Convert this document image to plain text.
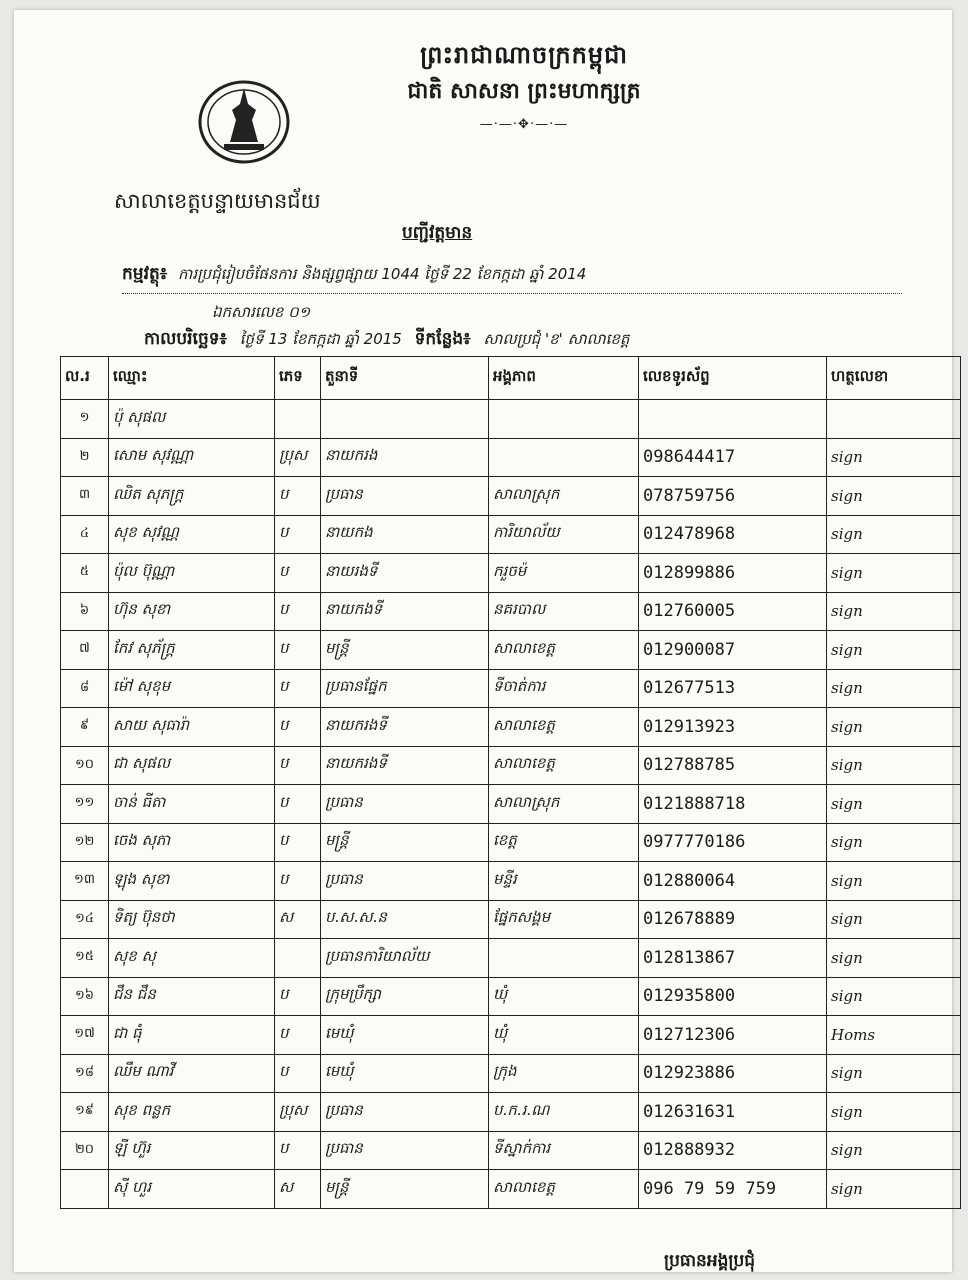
ព្រះរាជាណាចក្រកម្ពុជា
ជាតិ សាសនា ព្រះមហាក្សត្រ
—·—·✥·—·—
សាលាខេត្តបន្ទាយមានជ័យ
បញ្ជីវត្តមាន
កម្មវត្ថុ៖ ការប្រជុំរៀបចំផែនការ និងផ្សព្វផ្សាយ 1044 ថ្ងៃទី 22 ខែកក្កដា ឆ្នាំ 2014
ឯកសារលេខ ០១
កាលបរិច្ឆេទ៖ ថ្ងៃទី 13 ខែកក្កដា ឆ្នាំ 2015 ទីកន្លែង៖ សាលប្រជុំ 'ខ' សាលាខេត្ត
ល.រ	ឈ្មោះ	ភេទ	តួនាទី	អង្គភាព	លេខទូរស័ព្ទ	ហត្ថលេខា
១	ប៉ុ សុផល					
២	សោម សុវណ្ណា	ប្រុស	នាយករង		098644417	sign
៣	ឈិត សុភក្ត្រ	ប	ប្រធាន	សាលាស្រុក	078759756	sign
៤	សុខ សុវណ្ណ	ប	នាយកង	ការិយាល័យ	012478968	sign
៥	ប៉ុល ប៊ុណ្ណា	ប	នាយរងទី	ករួចម៉	012899886	sign
៦	ហ៊ុន សុខា	ប	នាយកងទី	នគរបាល	012760005	sign
៧	កែវ សុភ័ក្ត្រ	ប	មន្ត្រី	សាលាខេត្ត	012900087	sign
៨	ម៉ៅ សុខុម	ប	ប្រធានផ្នែក	ទីចាត់ការ	012677513	sign
៩	សាយ សុធារ៉ា	ប	នាយករងទី	សាលាខេត្ត	012913923	sign
១០	ជា សុផល	ប	នាយករងទី	សាលាខេត្ត	012788785	sign
១១	ចាន់ ធីតា	ប	ប្រធាន	សាលាស្រុក	0121888718	sign
១២	ចេង សុភា	ប	មន្ត្រី	ខេត្ត	0977770186	sign
១៣	ឡុង សុខា	ប	ប្រធាន	មន្ទីរ	012880064	sign
១៤	ទិត្យ ប៊ុនថា	ស	ប.ស.ស.ន	ផ្នែកសង្គម	012678889	sign
១៥	សុខ សុ		ប្រធានការិយាល័យ		012813867	sign
១៦	ជឹន ជឹន	ប	ក្រុមប្រឹក្សា	ឃុំ	012935800	sign
១៧	ជា ធុំ	ប	មេឃុំ	ឃុំ	012712306	Homs
១៨	ឈឹម ណាវី	ប	មេឃុំ	ក្រុង	012923886	sign
១៩	សុខ ពន្លក	ប្រុស	ប្រធាន	ប.ក.រ.ណ	012631631	sign
២០	ឡី ហ៊ួរ	ប	ប្រធាន	ទីស្នាក់ការ	012888932	sign
	ស៊ី ហួរ	ស	មន្ត្រី	សាលាខេត្ត	096 79 59 759	sign
ប្រធានអង្គប្រជុំ
